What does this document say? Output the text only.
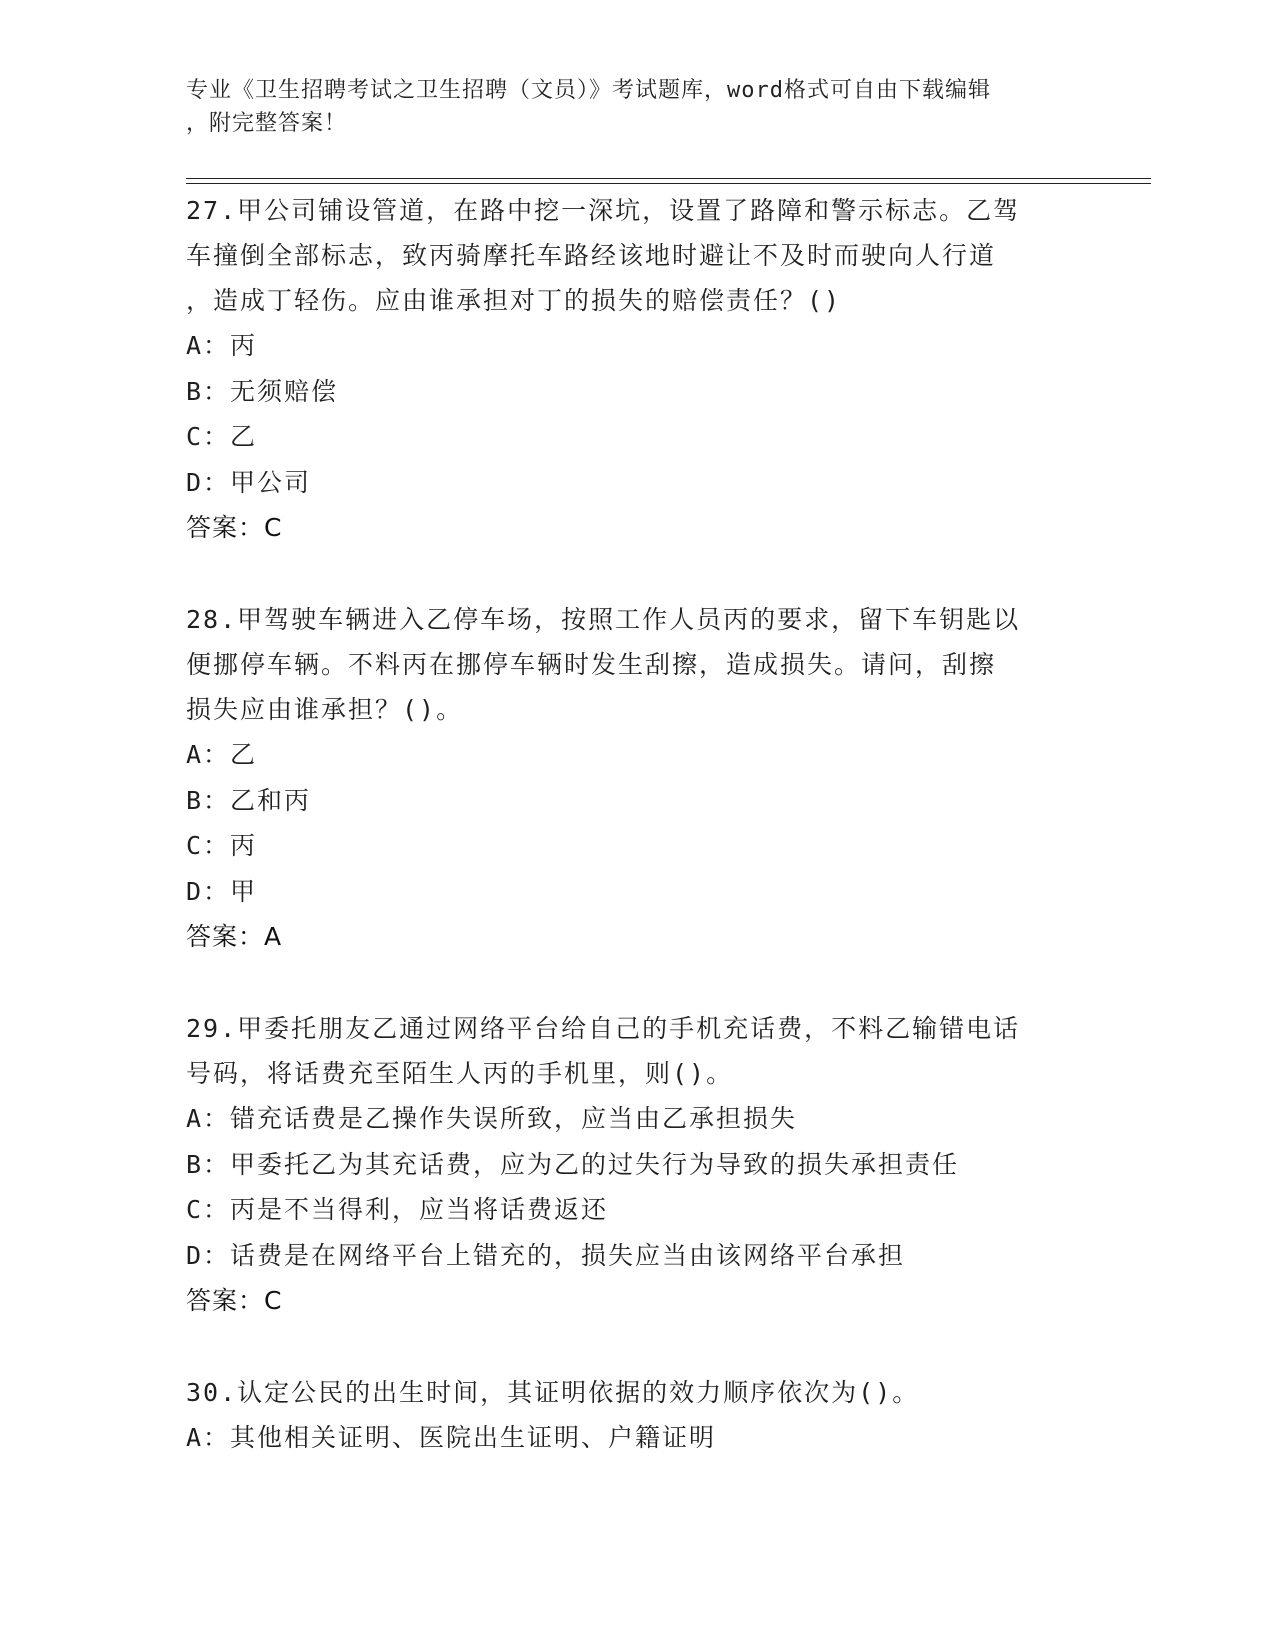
专业《卫生招聘考试之卫生招聘（文员）》考试题库，word格式可自由下载编辑
，附完整答案！
27.甲公司铺设管道，在路中挖一深坑，设置了路障和警示标志。乙驾
车撞倒全部标志，致丙骑摩托车路经该地时避让不及时而驶向人行道
，造成丁轻伤。应由谁承担对丁的损失的赔偿责任？()
A：丙
B：无须赔偿
C：乙
D：甲公司
答案：C
28.甲驾驶车辆进入乙停车场，按照工作人员丙的要求，留下车钥匙以
便挪停车辆。不料丙在挪停车辆时发生刮擦，造成损失。请问，刮擦
损失应由谁承担？()。
A：乙
B：乙和丙
C：丙
D：甲
答案：A
29.甲委托朋友乙通过网络平台给自己的手机充话费，不料乙输错电话
号码，将话费充至陌生人丙的手机里，则()。
A：错充话费是乙操作失误所致，应当由乙承担损失
B：甲委托乙为其充话费，应为乙的过失行为导致的损失承担责任
C：丙是不当得利，应当将话费返还
D：话费是在网络平台上错充的，损失应当由该网络平台承担
答案：C
30.认定公民的出生时间，其证明依据的效力顺序依次为()。
A：其他相关证明、医院出生证明、户籍证明
